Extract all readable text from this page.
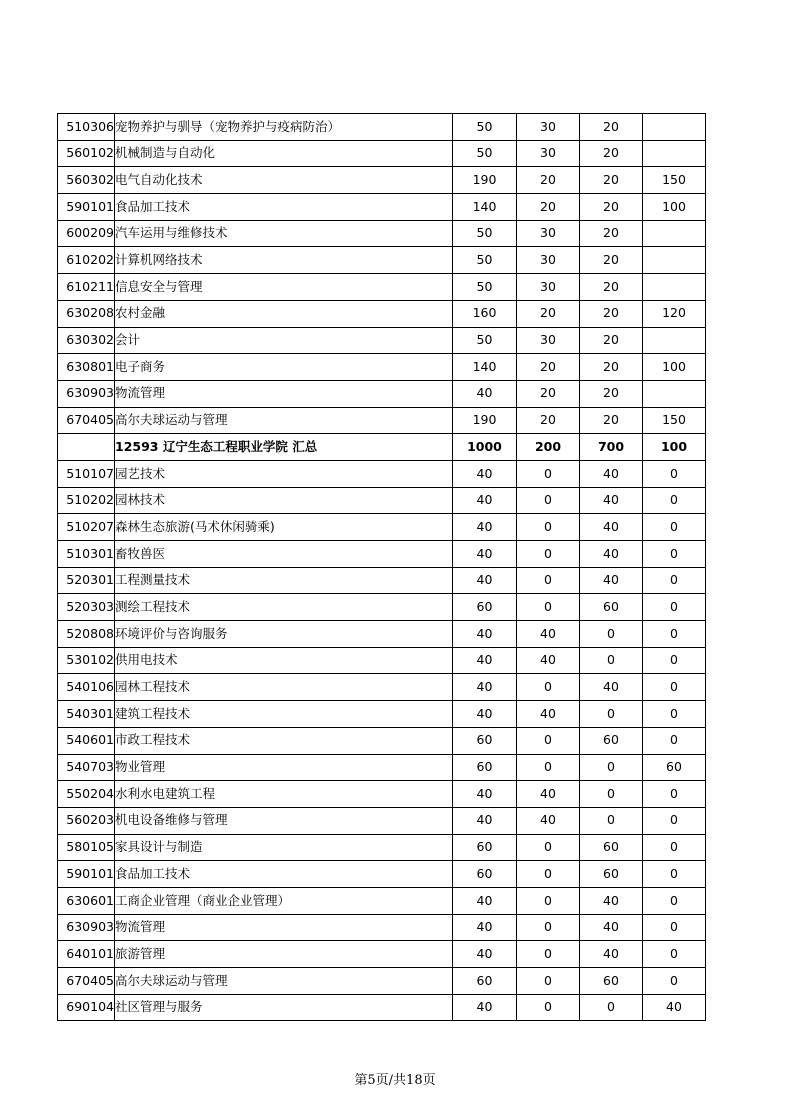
510306	宠物养护与驯导（宠物养护与疫病防治）	50	30	20	
560102	机械制造与自动化	50	30	20	
560302	电气自动化技术	190	20	20	150
590101	食品加工技术	140	20	20	100
600209	汽车运用与维修技术	50	30	20	
610202	计算机网络技术	50	30	20	
610211	信息安全与管理	50	30	20	
630208	农村金融	160	20	20	120
630302	会计	50	30	20	
630801	电子商务	140	20	20	100
630903	物流管理	40	20	20	
670405	高尔夫球运动与管理	190	20	20	150
	12593 辽宁生态工程职业学院 汇总	1000	200	700	100
510107	园艺技术	40	0	40	0
510202	园林技术	40	0	40	0
510207	森林生态旅游(马术休闲骑乘)	40	0	40	0
510301	畜牧兽医	40	0	40	0
520301	工程测量技术	40	0	40	0
520303	测绘工程技术	60	0	60	0
520808	环境评价与咨询服务	40	40	0	0
530102	供用电技术	40	40	0	0
540106	园林工程技术	40	0	40	0
540301	建筑工程技术	40	40	0	0
540601	市政工程技术	60	0	60	0
540703	物业管理	60	0	0	60
550204	水利水电建筑工程	40	40	0	0
560203	机电设备维修与管理	40	40	0	0
580105	家具设计与制造	60	0	60	0
590101	食品加工技术	60	0	60	0
630601	工商企业管理（商业企业管理）	40	0	40	0
630903	物流管理	40	0	40	0
640101	旅游管理	40	0	40	0
670405	高尔夫球运动与管理	60	0	60	0
690104	社区管理与服务	40	0	0	40
第5页/共18页
